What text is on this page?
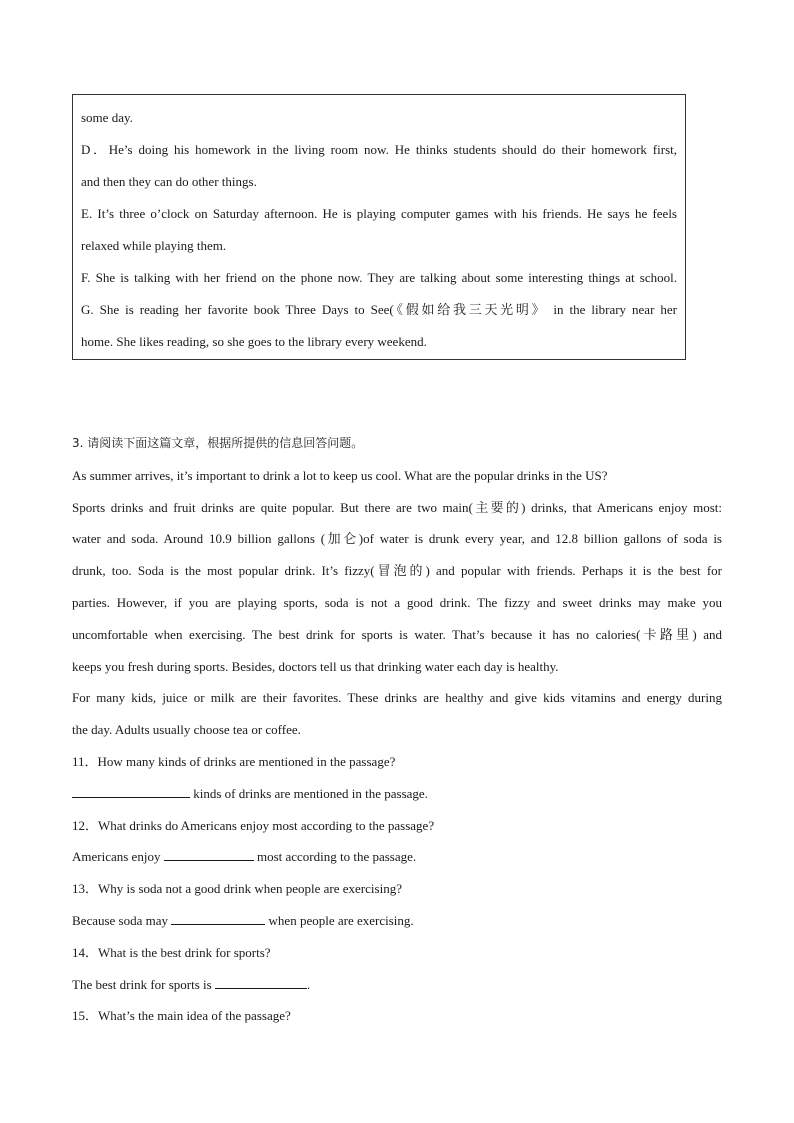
some day.
D．He’s doing his homework in the living room now. He thinks students should do their homework first,
and then they can do other things.
E. It’s three o’clock on Saturday afternoon. He is playing computer games with his friends. He says he feels
relaxed while playing them.
F. She is talking with her friend on the phone now. They are talking about some interesting things at school.
G. She is reading her favorite book Three Days to See(《假如给我三天光明》 in the library near her
home. She likes reading, so she goes to the library every weekend.
3. 请阅读下面这篇文章，根据所提供的信息回答问题。
As summer arrives, it’s important to drink a lot to keep us cool. What are the popular drinks in the US?
Sports drinks and fruit drinks are quite popular. But there are two main(主要的) drinks, that Americans enjoy most:
water and soda. Around 10.9 billion gallons (加仑)of water is drunk every year, and 12.8 billion gallons of soda is
drunk, too. Soda is the most popular drink. It’s fizzy(冒泡的) and popular with friends. Perhaps it is the best for
parties. However, if you are playing sports, soda is not a good drink. The fizzy and sweet drinks may make you
uncomfortable when exercising. The best drink for sports is water. That’s because it has no calories(卡路里) and
keeps you fresh during sports. Besides, doctors tell us that drinking water each day is healthy.
For many kids, juice or milk are their favorites. These drinks are healthy and give kids vitamins and energy during
the day. Adults usually choose tea or coffee.
11．How many kinds of drinks are mentioned in the passage?
kinds of drinks are mentioned in the passage.
12．What drinks do Americans enjoy most according to the passage?
Americans enjoy	most according to the passage.
13．Why is soda not a good drink when people are exercising?
Because soda may	when people are exercising.
14．What is the best drink for sports?
The best drink for sports is	.
15．What’s the main idea of the passage?
